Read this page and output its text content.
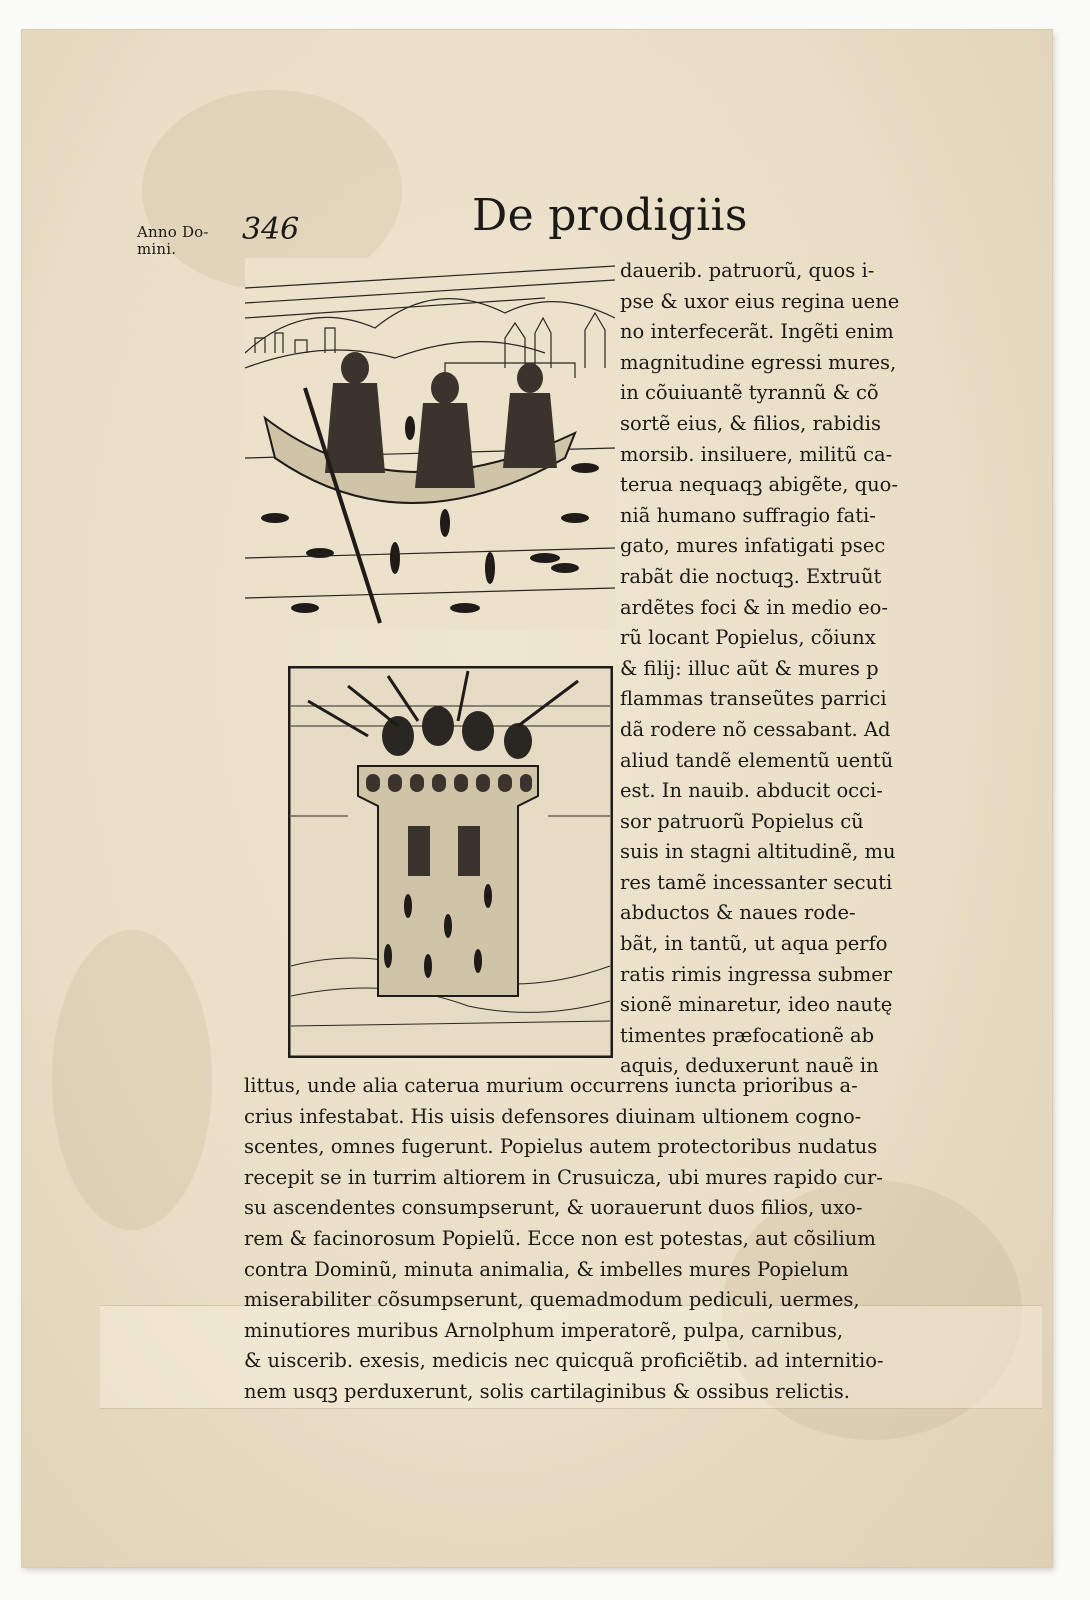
Anno Do-
mini.
346	De prodigiis
dauerib. patruorũ, quos i-
pse & uxor eius regina uene
no interfecerãt. Ingẽti enim
magnitudine egressi mures,
in cõuiuantẽ tyrannũ & cõ
sortẽ eius, & filios, rabidis
morsib. insiluere, militũ ca-
terua nequaqꝫ abigẽte, quo-
niã humano suffragio fati-
gato, mures infatigati psec
rabãt die noctuqꝫ. Extruũt
ardẽtes foci & in medio eo-
rũ locant Popielus, cõiunx
& filij: illuc aũt & mures p
flammas transeũtes parrici
dã rodere nõ cessabant. Ad
aliud tandẽ elementũ uentũ
est. In nauib. abducit occi-
sor patruorũ Popielus cũ
suis in stagni altitudinẽ, mu
res tamẽ incessanter secuti
abductos & naues rode-
bãt, in tantũ, ut aqua perfo
ratis rimis ingressa submer
sionẽ minaretur, ideo nautę
timentes præfocationẽ ab
aquis, deduxerunt nauẽ in
littus, unde alia caterua murium occurrens iuncta prioribus a-
crius infestabat. His uisis defensores diuinam ultionem cogno-
scentes, omnes fugerunt. Popielus autem protectoribus nudatus
recepit se in turrim altiorem in Crusuicza, ubi mures rapido cur-
su ascendentes consumpserunt, & uorauerunt duos filios, uxo-
rem & facinorosum Popielũ. Ecce non est potestas, aut cõsilium
contra Dominũ, minuta animalia, & imbelles mures Popielum
miserabiliter cõsumpserunt, quemadmodum pediculi, uermes,
minutiores muribus Arnolphum imperatorẽ, pulpa, carnibus,
& uiscerib. exesis, medicis nec quicquã proficiẽtib. ad internitio-
nem usqꝫ perduxerunt, solis cartilaginibus & ossibus relictis.
